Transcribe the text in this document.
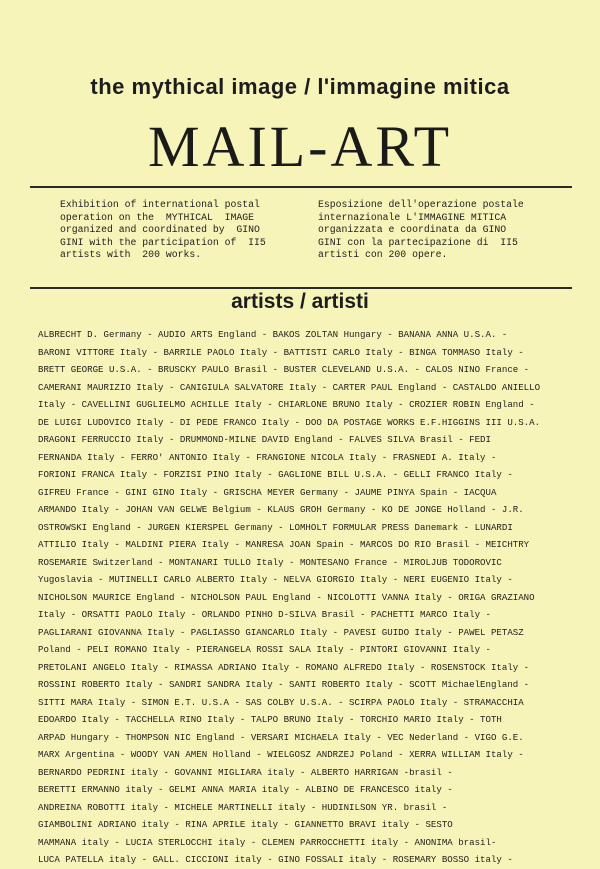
the mythical image / l'immagine mitica
MAIL-ART
Exhibition of international postal
operation on the  MYTHICAL  IMAGE
organized and coordinated by  GINO
GINI with the participation of  II5
artists with  200 works.
Esposizione dell'operazione postale
internazionale L'IMMAGINE MITICA
organizzata e coordinata da GINO
GINI con la partecipazione di  II5
artisti con 200 opere.
artists / artisti
ALBRECHT D. Germany - AUDIO ARTS England - BAKOS ZOLTAN Hungary - BANANA ANNA U.S.A. -
BARONI VITTORE Italy - BARRILE PAOLO Italy - BATTISTI CARLO Italy - BINGA TOMMASO Italy -
BRETT GEORGE U.S.A. - BRUSCKY PAULO Brasil - BUSTER CLEVELAND U.S.A. - CALOS NINO France -
CAMERANI MAURIZIO Italy - CANIGIULA SALVATORE Italy - CARTER PAUL England - CASTALDO ANIELLO
Italy - CAVELLINI GUGLIELMO ACHILLE Italy - CHIARLONE BRUNO Italy - CROZIER ROBIN England -
DE LUIGI LUDOVICO Italy - DI PEDE FRANCO Italy - DOO DA POSTAGE WORKS E.F.HIGGINS III U.S.A.
DRAGONI FERRUCCIO Italy - DRUMMOND-MILNE DAVID England - FALVES SILVA Brasil - FEDI
FERNANDA Italy - FERRO' ANTONIO Italy - FRANGIONE NICOLA Italy - FRASNEDI A. Italy -
FORIONI FRANCA Italy - FORZISI PINO Italy - GAGLIONE BILL U.S.A. - GELLI FRANCO Italy -
GIFREU France - GINI GINO Italy - GRISCHA MEYER Germany - JAUME PINYA Spain - IACQUA
ARMANDO Italy - JOHAN VAN GELWE Belgium - KLAUS GROH Germany - KO DE JONGE Holland - J.R.
OSTROWSKI England - JURGEN KIERSPEL Germany - LOMHOLT FORMULAR PRESS Danemark - LUNARDI
ATTILIO Italy - MALDINI PIERA Italy - MANRESA JOAN Spain - MARCOS DO RIO Brasil - MEICHTRY
ROSEMARIE Switzerland - MONTANARI TULLO Italy - MONTESANO France - MIROLJUB TODOROVIC
Yugoslavia - MUTINELLI CARLO ALBERTO Italy - NELVA GIORGIO Italy - NERI EUGENIO Italy -
NICHOLSON MAURICE England - NICHOLSON PAUL England - NICOLOTTI VANNA Italy - ORIGA GRAZIANO
Italy - ORSATTI PAOLO Italy - ORLANDO PINHO D-SILVA Brasil - PACHETTI MARCO Italy -
PAGLIARANI GIOVANNA Italy - PAGLIASSO GIANCARLO Italy - PAVESI GUIDO Italy - PAWEL PETASZ
Poland - PELI ROMANO Italy - PIERANGELA ROSSI SALA Italy - PINTORI GIOVANNI Italy -
PRETOLANI ANGELO Italy - RIMASSA ADRIANO Italy - ROMANO ALFREDO Italy - ROSENSTOCK Italy -
ROSSINI ROBERTO Italy - SANDRI SANDRA Italy - SANTI ROBERTO Italy - SCOTT MichaelEngland -
SITTI MARA Italy - SIMON E.T. U.S.A - SAS COLBY U.S.A. - SCIRPA PAOLO Italy - STRAMACCHIA
EDOARDO Italy - TACCHELLA RINO Italy - TALPO BRUNO Italy - TORCHIO MARIO Italy - TOTH
ARPAD Hungary - THOMPSON NIC England - VERSARI MICHAELA Italy - VEC Nederland - VIGO G.E.
MARX Argentina - WOODY VAN AMEN Holland - WIELGOSZ ANDRZEJ Poland - XERRA WILLIAM Italy -
BERNARDO PEDRINI italy - GOVANNI MIGLIARA italy - ALBERTO HARRIGAN -brasil -
BERETTI ERMANNO italy - GELMI ANNA MARIA italy - ALBINO DE FRANCESCO italy -
ANDREINA ROBOTTI italy - MICHELE MARTINELLI italy - HUDINILSON YR. brasil -
GIAMBOLINI ADRIANO italy - RINA APRILE italy - GIANNETTO BRAVI italy - SESTO
MAMMANA italy - LUCIA STERLOCCHI italy - CLEMEN PARROCCHETTI italy - ANONIMA brasil-
LUCA PATELLA italy - GALL. CICCIONI italy - GINO FOSSALI italy - ROSEMARY BOSSO italy -
